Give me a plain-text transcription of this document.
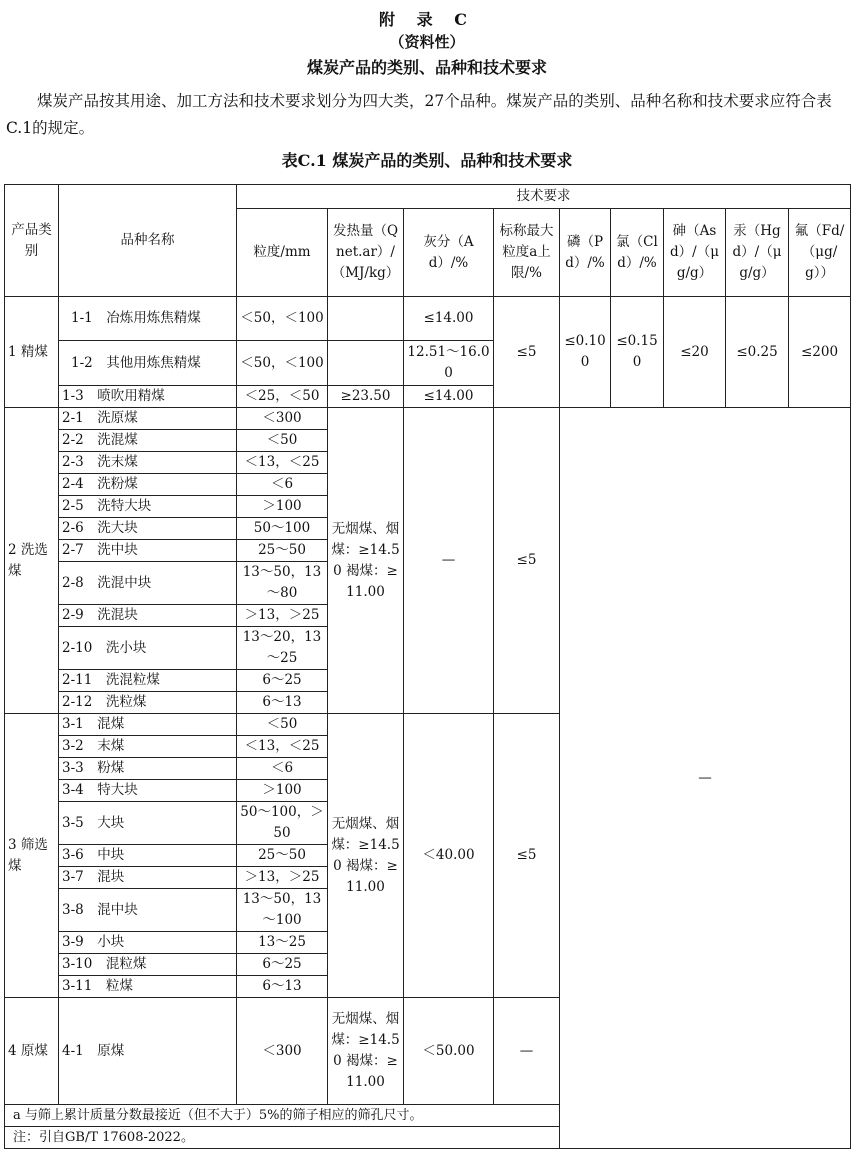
附 录 C
（资料性）
煤炭产品的类别、品种和技术要求
煤炭产品按其用途、加工方法和技术要求划分为四大类，27个品种。煤炭产品的类别、品种名称和技术要求应符合表C.1的规定。
表C.1 煤炭产品的类别、品种和技术要求
产品类别	品种名称	技术要求								
		粒度/mm	发热量（Qnet.ar）/（MJ/kg）	灰分（Ad）/%	标称最大粒度a上限/%	磷（Pd）/%	氯（Cld）/%	砷（Asd）/（μg/g）	汞（Hgd）/（μg/g）	氟（Fd/（μg/g））
1 精煤	1-1　冶炼用炼焦精煤	＜50，＜100		≤14.00	≤5	≤0.100	≤0.150	≤20	≤0.25	≤200
	1-2　其他用炼焦精煤	＜50，＜100		12.51～16.00						
	1-3　喷吹用精煤	＜25，＜50	≥23.50	≤14.00						
2 洗选煤	2-1　洗原煤	＜300	无烟煤、烟煤：≥14.50 褐煤：≥11.00	—	≤5	—				
	2-2　洗混煤	＜50								
	2-3　洗末煤	＜13，＜25								
	2-4　洗粉煤	＜6								
	2-5　洗特大块	＞100								
	2-6　洗大块	50～100								
	2-7　洗中块	25～50								
	2-8　洗混中块	13～50，13～80								
	2-9　洗混块	＞13，＞25								
	2-10　洗小块	13～20，13～25								
	2-11　洗混粒煤	6～25								
	2-12　洗粒煤	6～13								
3 筛选煤	3-1　混煤	＜50	无烟煤、烟煤：≥14.50 褐煤：≥11.00	＜40.00	≤5					
	3-2　末煤	＜13，＜25								
	3-3　粉煤	＜6								
	3-4　特大块	＞100								
	3-5　大块	50～100，＞50								
	3-6　中块	25～50								
	3-7　混块	＞13，＞25								
	3-8　混中块	13～50，13～100								
	3-9　小块	13～25								
	3-10　混粒煤	6～25								
	3-11　粒煤	6～13								
4 原煤	4-1　原煤	＜300	无烟煤、烟煤：≥14.50 褐煤：≥11.00	＜50.00	—					
a 与筛上累计质量分数最接近（但不大于）5%的筛子相应的筛孔尺寸。										
注：引自GB/T 17608-2022。										
